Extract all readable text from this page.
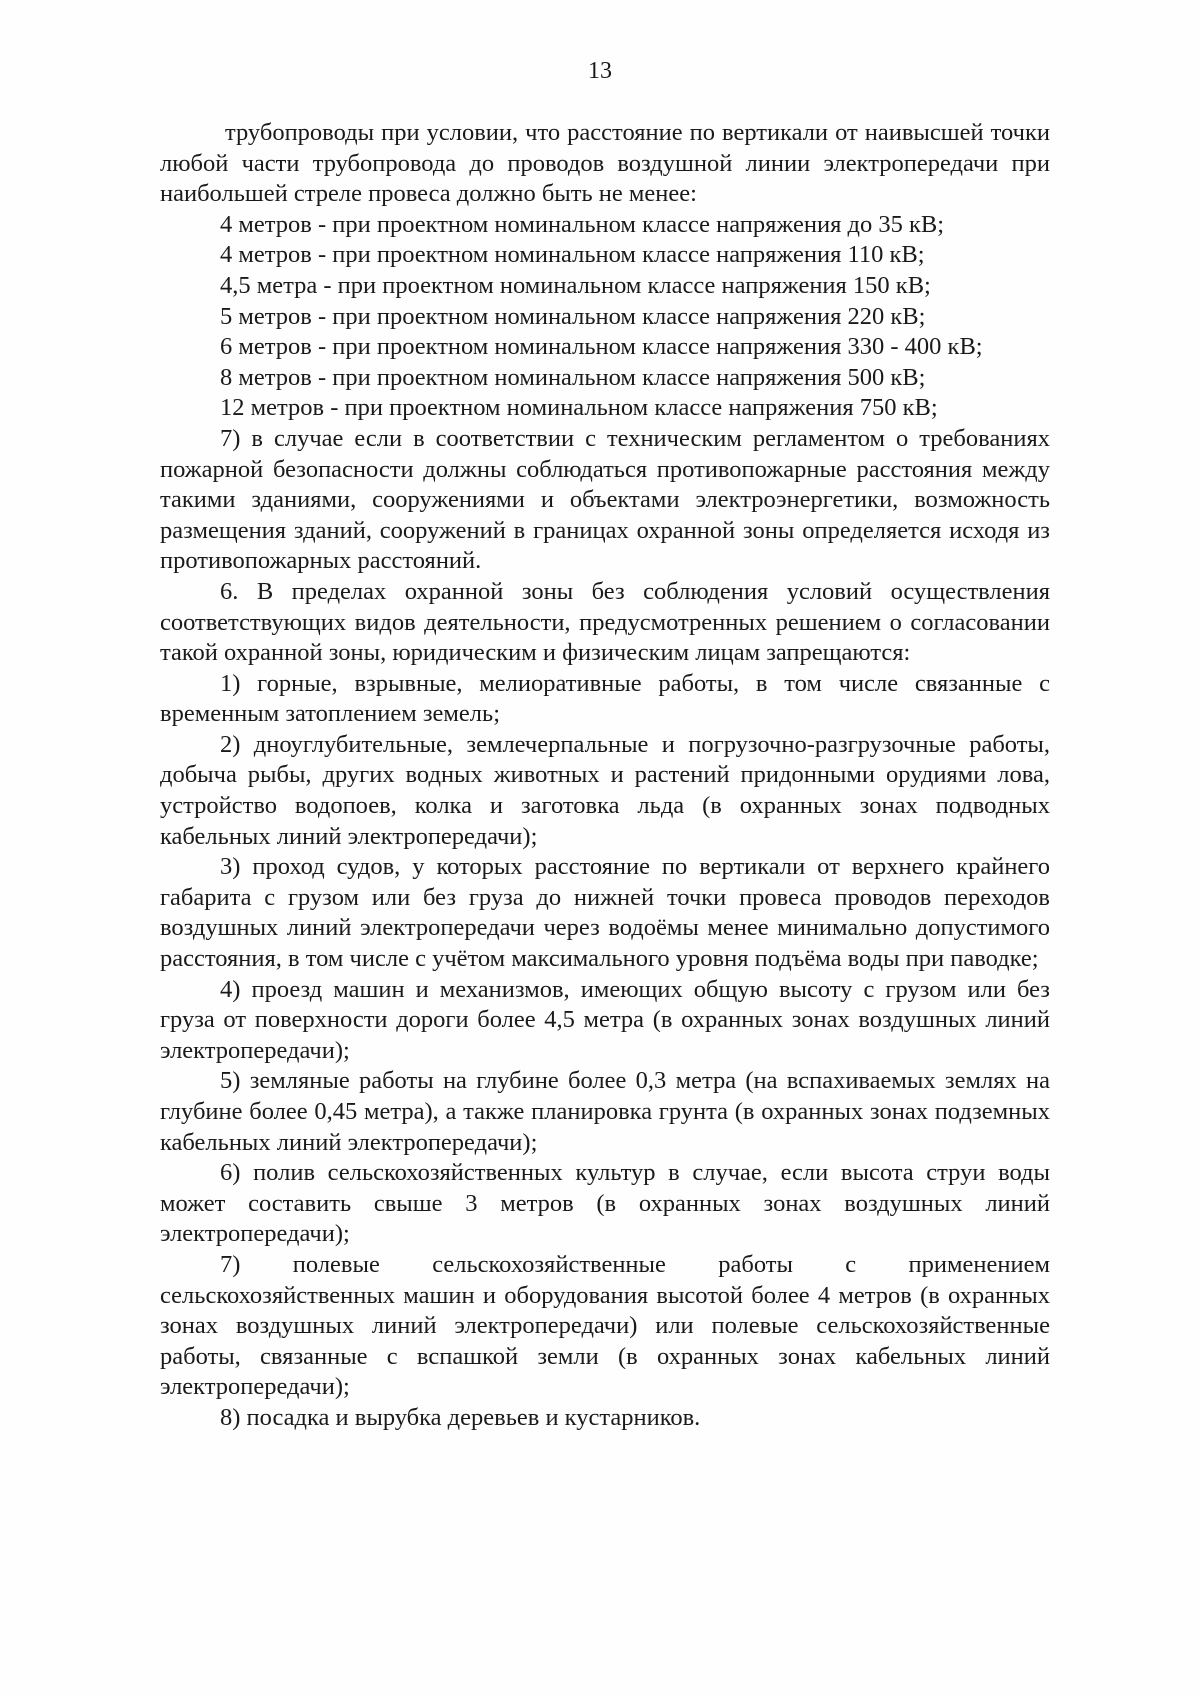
13

трубопроводы при условии, что расстояние по вертикали от наивысшей точки любой части трубопровода до проводов воздушной линии электропередачи при наибольшей стреле провеса должно быть не менее:

4 метров - при проектном номинальном классе напряжения до 35 кВ;

4 метров - при проектном номинальном классе напряжения 110 кВ;

4,5 метра - при проектном номинальном классе напряжения 150 кВ;

5 метров - при проектном номинальном классе напряжения 220 кВ;

6 метров - при проектном номинальном классе напряжения 330 - 400 кВ;

8 метров - при проектном номинальном классе напряжения 500 кВ;

12 метров - при проектном номинальном классе напряжения 750 кВ;

7) в случае если в соответствии с техническим регламентом о требованиях пожарной безопасности должны соблюдаться противопожарные расстояния между такими зданиями, сооружениями и объектами электроэнергетики, возможность размещения зданий, сооружений в границах охранной зоны определяется исходя из противопожарных расстояний.

6. В пределах охранной зоны без соблюдения условий осуществления соответствующих видов деятельности, предусмотренных решением о согласовании такой охранной зоны, юридическим и физическим лицам запрещаются:

1) горные, взрывные, мелиоративные работы, в том числе связанные с временным затоплением земель;

2) дноуглубительные, землечерпальные и погрузочно-разгрузочные работы, добыча рыбы, других водных животных и растений придонными орудиями лова, устройство водопоев, колка и заготовка льда (в охранных зонах подводных кабельных линий электропередачи);

3) проход судов, у которых расстояние по вертикали от верхнего крайнего габарита с грузом или без груза до нижней точки провеса проводов переходов воздушных линий электропередачи через водоёмы менее минимально допустимого расстояния, в том числе с учётом максимального уровня подъёма воды при паводке;

4) проезд машин и механизмов, имеющих общую высоту с грузом или без груза от поверхности дороги более 4,5 метра (в охранных зонах воздушных линий электропередачи);

5) земляные работы на глубине более 0,3 метра (на вспахиваемых землях на глубине более 0,45 метра), а также планировка грунта (в охранных зонах подземных кабельных линий электропередачи);

6) полив сельскохозяйственных культур в случае, если высота струи воды может составить свыше 3 метров (в охранных зонах воздушных линий электропередачи);

7) полевые сельскохозяйственные работы с применением сельскохозяйственных машин и оборудования высотой более 4 метров (в охранных зонах воздушных линий электропередачи) или полевые сельскохозяйственные работы, связанные с вспашкой земли (в охранных зонах кабельных линий электропередачи);

8) посадка и вырубка деревьев и кустарников.
